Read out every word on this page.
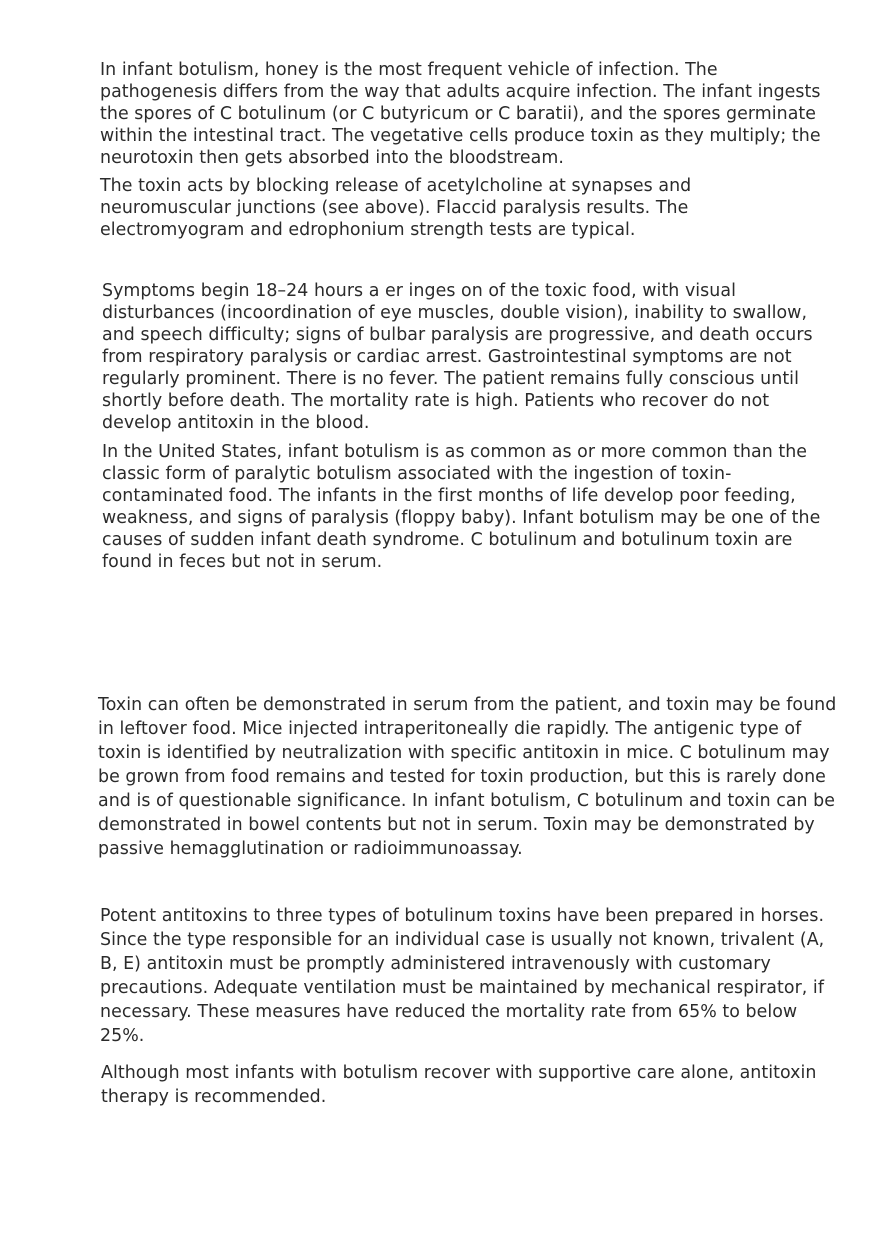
In infant botulism, honey is the most frequent vehicle of infection. The pathogenesis differs from the way that adults acquire infection. The infant ingests the spores of C botulinum (or C butyricum or C baratii), and the spores germinate within the intestinal tract. The vegetative cells produce toxin as they multiply; the neurotoxin then gets absorbed into the bloodstream.

The toxin acts by blocking release of acetylcholine at synapses and neuromuscular junctions (see above). Flaccid paralysis results. The electromyogram and edrophonium strength tests are typical.

Symptoms begin 18–24 hours a er inges on of the toxic food, with visual disturbances (incoordination of eye muscles, double vision), inability to swallow, and speech difficulty; signs of bulbar paralysis are progressive, and death occurs from respiratory paralysis or cardiac arrest. Gastrointestinal symptoms are not regularly prominent. There is no fever. The patient remains fully conscious until shortly before death. The mortality rate is high. Patients who recover do not develop antitoxin in the blood.

In the United States, infant botulism is as common as or more common than the classic form of paralytic botulism associated with the ingestion of toxin-contaminated food. The infants in the first months of life develop poor feeding, weakness, and signs of paralysis (floppy baby). Infant botulism may be one of the causes of sudden infant death syndrome. C botulinum and botulinum toxin are found in feces but not in serum.

Toxin can often be demonstrated in serum from the patient, and toxin may be found in leftover food. Mice injected intraperitoneally die rapidly. The antigenic type of toxin is identified by neutralization with specific antitoxin in mice. C botulinum may be grown from food remains and tested for toxin production, but this is rarely done and is of questionable significance. In infant botulism, C botulinum and toxin can be demonstrated in bowel contents but not in serum. Toxin may be demonstrated by passive hemagglutination or radioimmunoassay.

Potent antitoxins to three types of botulinum toxins have been prepared in horses. Since the type responsible for an individual case is usually not known, trivalent (A, B, E) antitoxin must be promptly administered intravenously with customary precautions. Adequate ventilation must be maintained by mechanical respirator, if necessary. These measures have reduced the mortality rate from 65% to below 25%.

Although most infants with botulism recover with supportive care alone, antitoxin therapy is recommended.
